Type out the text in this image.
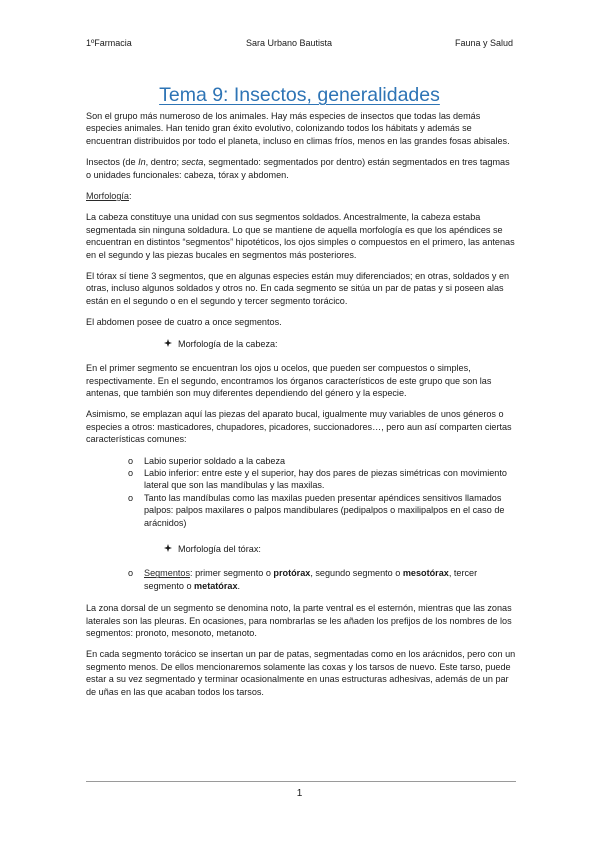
1ºFarmacia	Sara Urbano Bautista	Fauna y Salud
Tema 9: Insectos, generalidades

Son el grupo más numeroso de los animales. Hay más especies de insectos que todas las demás especies animales. Han tenido gran éxito evolutivo, colonizando todos los hábitats y además se encuentran distribuidos por todo el planeta, incluso en climas fríos, menos en las grandes fosas abisales.

Insectos (de In, dentro; secta, segmentado: segmentados por dentro) están segmentados en tres tagmas o unidades funcionales: cabeza, tórax y abdomen.

Morfología:

La cabeza constituye una unidad con sus segmentos soldados. Ancestralmente, la cabeza estaba segmentada sin ninguna soldadura. Lo que se mantiene de aquella morfología es que los apéndices se encuentran en distintos “segmentos” hipotéticos, los ojos simples o compuestos en el primero, las antenas en el segundo y las piezas bucales en segmentos más posteriores.

El tórax sí tiene 3 segmentos, que en algunas especies están muy diferenciados; en otras, soldados y en otras, incluso algunos soldados y otros no. En cada segmento se sitúa un par de patas y si poseen alas están en el segundo o en el segundo y tercer segmento torácico.

El abdomen posee de cuatro a once segmentos.

Morfología de la cabeza:

En el primer segmento se encuentran los ojos u ocelos, que pueden ser compuestos o simples, respectivamente. En el segundo, encontramos los órganos característicos de este grupo que son las antenas, que también son muy diferentes dependiendo del género y la especie.

Asimismo, se emplazan aquí las piezas del aparato bucal, igualmente muy variables de unos géneros o especies a otros: masticadores, chupadores, picadores, succionadores…, pero aun así comparten ciertas características comunes:

o Labio superior soldado a la cabeza
o Labio inferior: entre este y el superior, hay dos pares de piezas simétricas con movimiento lateral que son las mandíbulas y las maxilas.
o Tanto las mandíbulas como las maxilas pueden presentar apéndices sensitivos llamados palpos: palpos maxilares o palpos mandibulares (pedipalpos o maxilipalpos en el caso de arácnidos)
Morfología del tórax:
o Segmentos: primer segmento o protórax, segundo segmento o mesotórax, tercer segmento o metatórax.

La zona dorsal de un segmento se denomina noto, la parte ventral es el esternón, mientras que las zonas laterales son las pleuras. En ocasiones, para nombrarlas se les añaden los prefijos de los nombres de los segmentos: pronoto, mesonoto, metanoto.

En cada segmento torácico se insertan un par de patas, segmentadas como en los arácnidos, pero con un segmento menos. De ellos mencionaremos solamente las coxas y los tarsos de nuevo. Este tarso, puede estar a su vez segmentado y terminar ocasionalmente en unas estructuras adhesivas, además de un par de uñas en las que acaban todos los tarsos.

1
